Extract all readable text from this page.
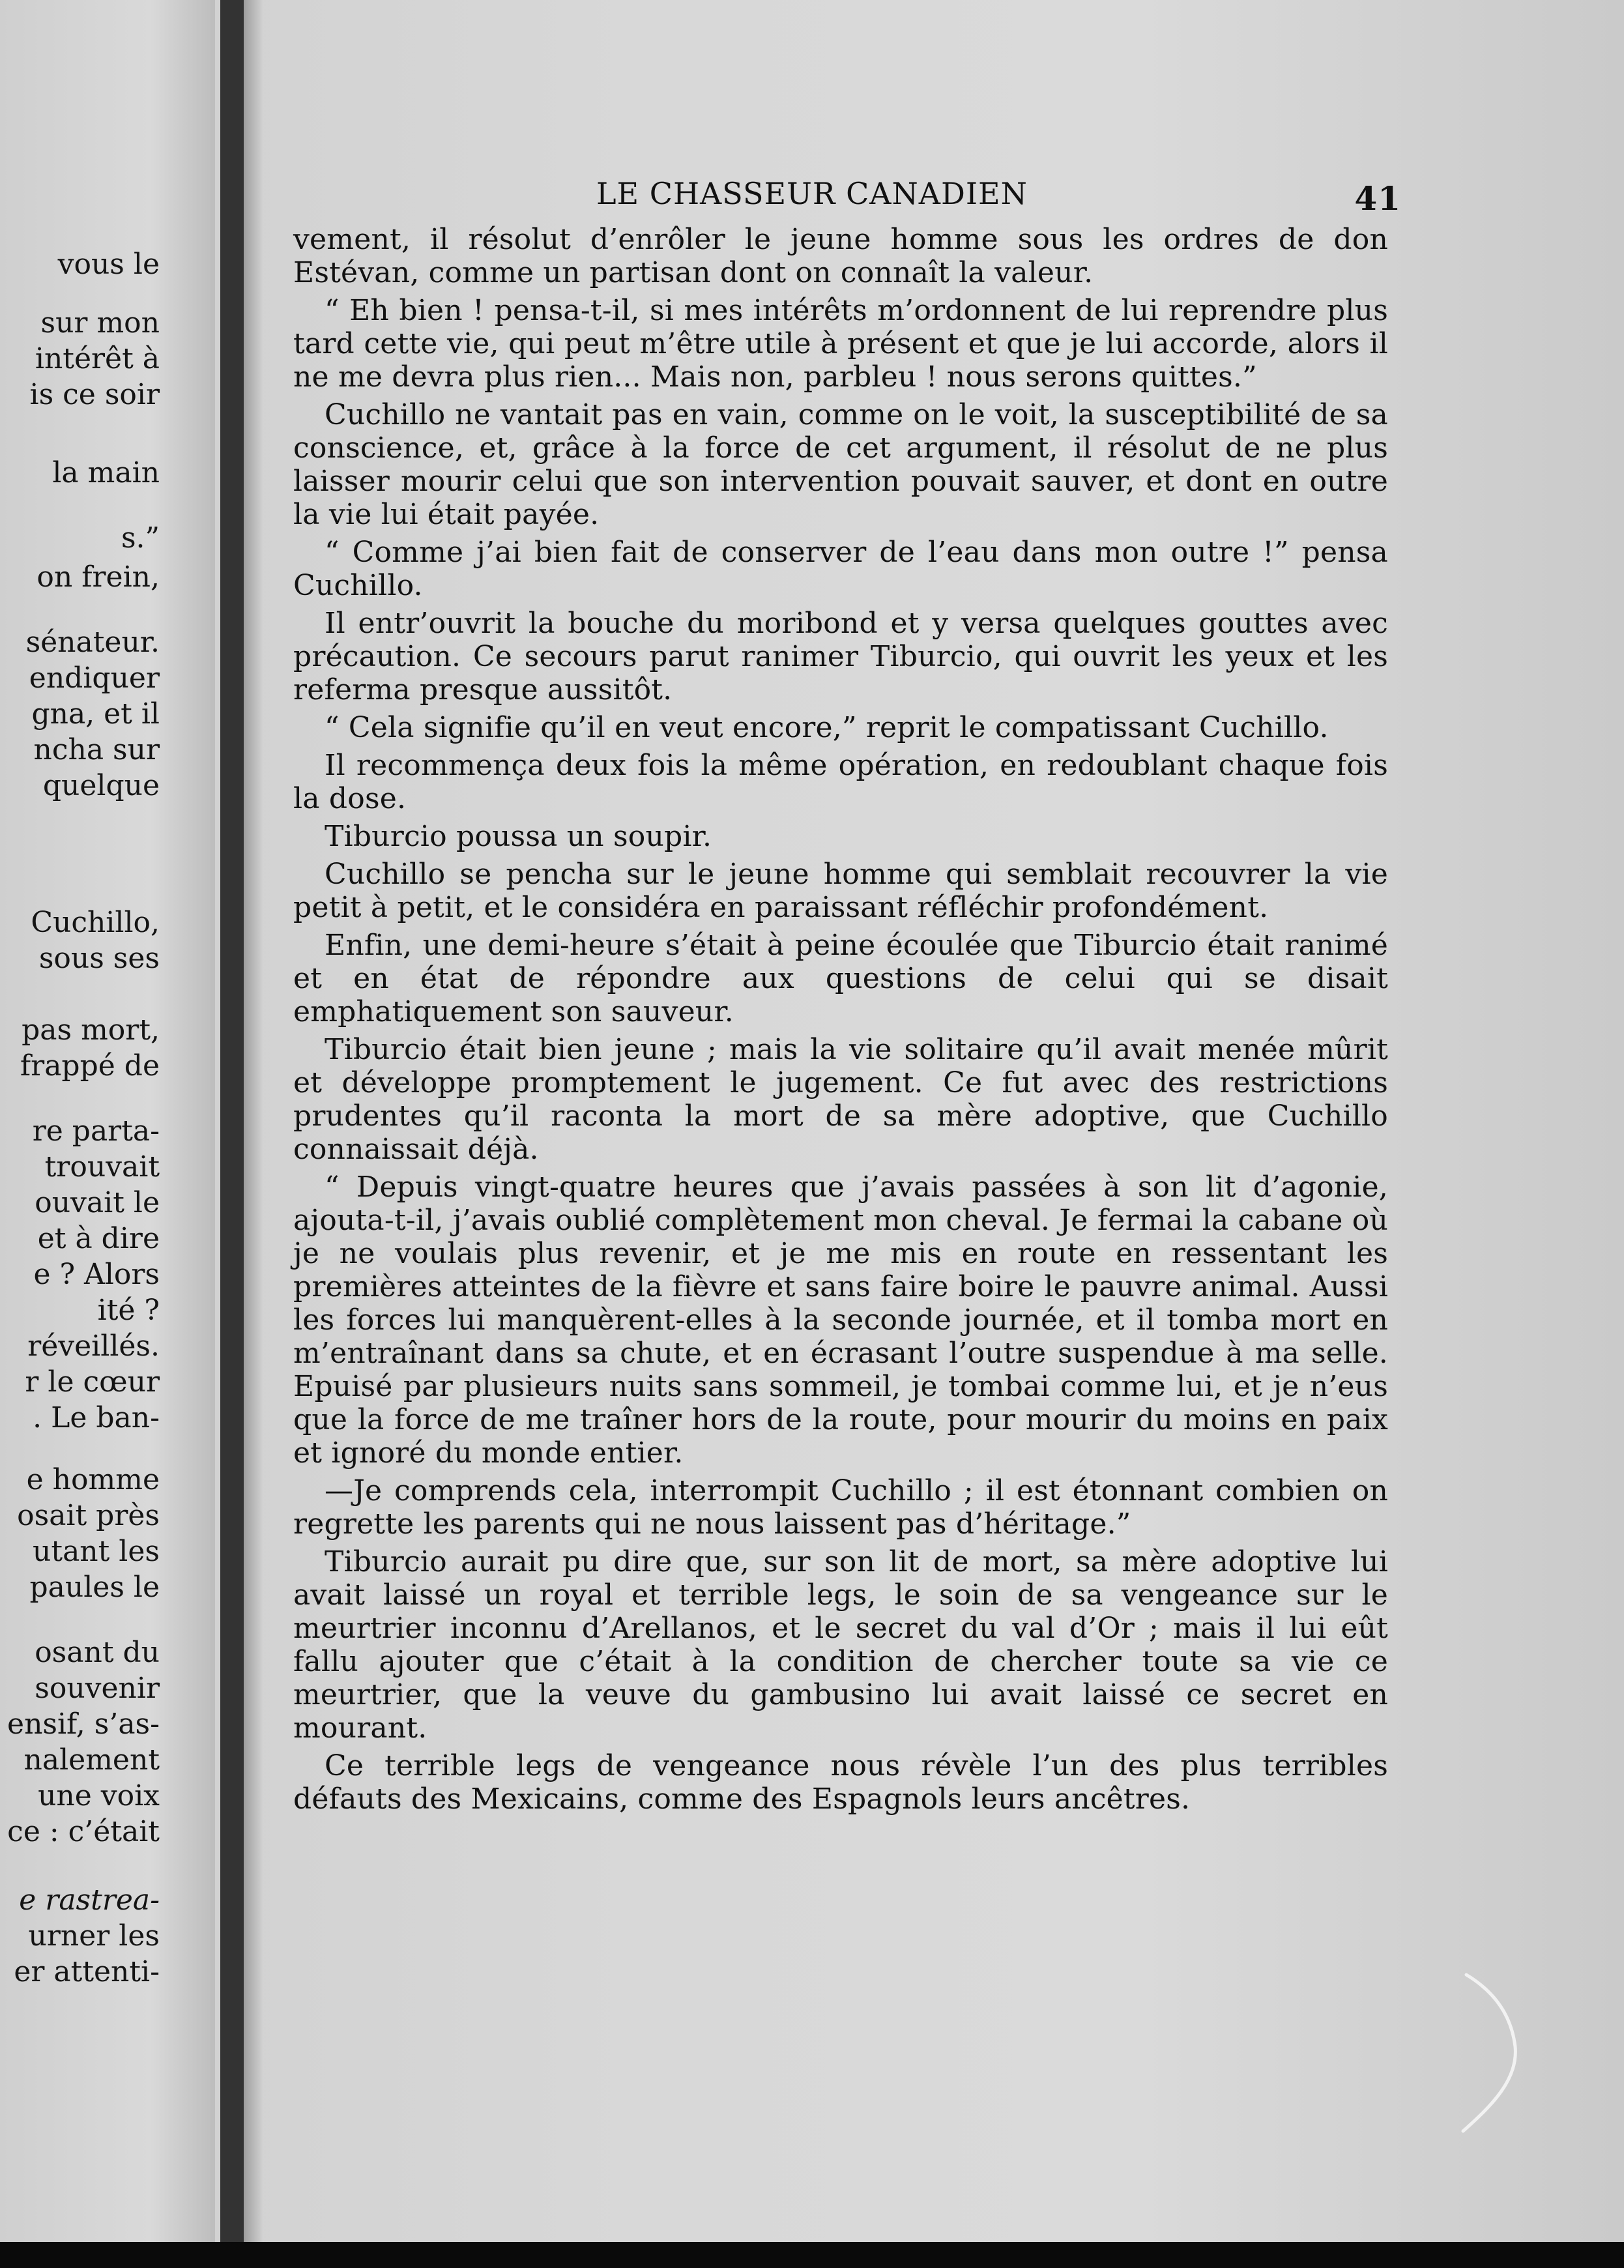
vous le
sur mon
intérêt à
is ce soir
la main
s.”
on frein,
sénateur.
endiquer
gna, et il
ncha sur
quelque
Cuchillo,
sous ses
pas mort,
frappé de
re parta-
trouvait
ouvait le
et à dire
e ? Alors
ité ?
réveillés.
r le cœur
. Le ban-
e homme
osait près
utant les
paules le
osant du
souvenir
ensif, s’as-
nalement
une voix
ce : c’était
e rastrea-
urner les
er attenti-
LE CHASSEUR CANADIEN	41

vement, il résolut d’enrôler le jeune homme sous les ordres de don Estévan, comme un partisan dont on connaît la valeur.

“ Eh bien ! pensa-t-il, si mes intérêts m’ordonnent de lui reprendre plus tard cette vie, qui peut m’être utile à présent et que je lui accorde, alors il ne me devra plus rien... Mais non, parbleu ! nous serons quittes.”

Cuchillo ne vantait pas en vain, comme on le voit, la susceptibilité de sa conscience, et, grâce à la force de cet argument, il résolut de ne plus laisser mourir celui que son intervention pouvait sauver, et dont en outre la vie lui était payée.

“ Comme j’ai bien fait de conserver de l’eau dans mon outre !” pensa Cuchillo.

Il entr’ouvrit la bouche du moribond et y versa quelques gouttes avec précaution. Ce secours parut ranimer Tiburcio, qui ouvrit les yeux et les referma presque aussitôt.

“ Cela signifie qu’il en veut encore,” reprit le compatissant Cuchillo.

Il recommença deux fois la même opération, en redoublant chaque fois la dose.

Tiburcio poussa un soupir.

Cuchillo se pencha sur le jeune homme qui semblait recouvrer la vie petit à petit, et le considéra en paraissant réfléchir profondément.

Enfin, une demi-heure s’était à peine écoulée que Tiburcio était ranimé et en état de répondre aux questions de celui qui se disait emphatiquement son sauveur.

Tiburcio était bien jeune ; mais la vie solitaire qu’il avait menée mûrit et développe promptement le jugement. Ce fut avec des restrictions prudentes qu’il raconta la mort de sa mère adoptive, que Cuchillo connaissait déjà.

“ Depuis vingt-quatre heures que j’avais passées à son lit d’agonie, ajouta-t-il, j’avais oublié complètement mon cheval. Je fermai la cabane où je ne voulais plus revenir, et je me mis en route en ressentant les premières atteintes de la fièvre et sans faire boire le pauvre animal. Aussi les forces lui manquèrent-elles à la seconde journée, et il tomba mort en m’entraînant dans sa chute, et en écrasant l’outre suspendue à ma selle. Epuisé par plusieurs nuits sans sommeil, je tombai comme lui, et je n’eus que la force de me traîner hors de la route, pour mourir du moins en paix et ignoré du monde entier.

—Je comprends cela, interrompit Cuchillo ; il est étonnant combien on regrette les parents qui ne nous laissent pas d’héritage.”

Tiburcio aurait pu dire que, sur son lit de mort, sa mère adoptive lui avait laissé un royal et terrible legs, le soin de sa vengeance sur le meurtrier inconnu d’Arellanos, et le secret du val d’Or ; mais il lui eût fallu ajouter que c’était à la condition de chercher toute sa vie ce meurtrier, que la veuve du gambusino lui avait laissé ce secret en mourant.

Ce terrible legs de vengeance nous révèle l’un des plus terribles défauts des Mexicains, comme des Espagnols leurs ancêtres.
